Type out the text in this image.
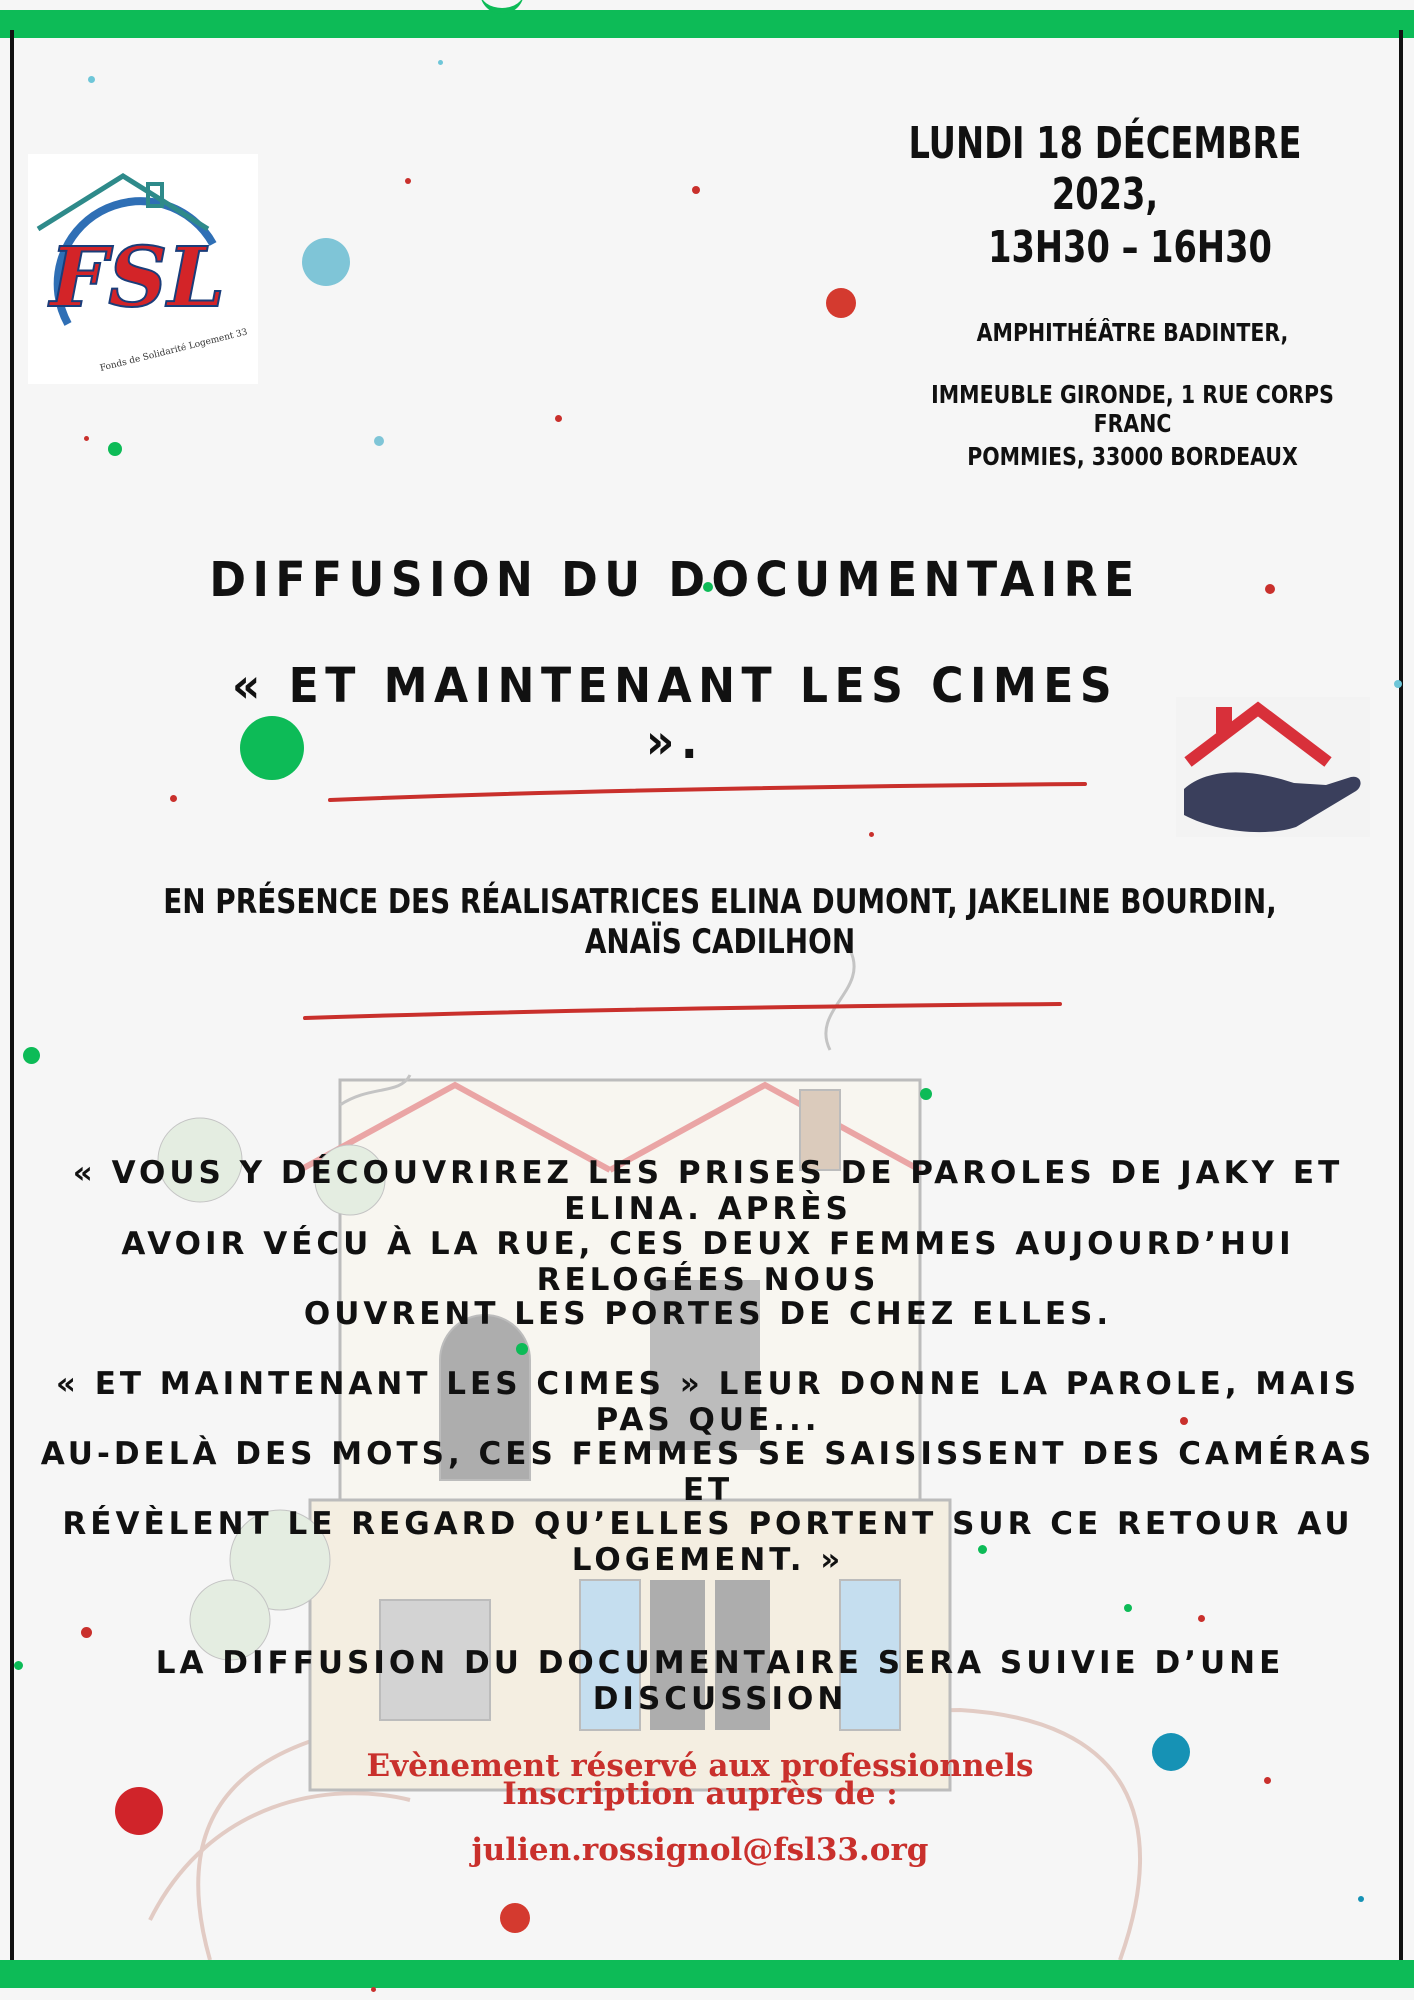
FSL
Fonds de Solidarité Logement 33
LUNDI 18 DÉCEMBRE 2023,
13H30 – 16H30
AMPHITHÉÂTRE BADINTER,
IMMEUBLE GIRONDE, 1 RUE CORPS FRANC
POMMIES, 33000 BORDEAUX
DIFFUSION DU DOCUMENTAIRE
« ET MAINTENANT LES CIMES ».
EN PRÉSENCE DES RÉALISATRICES ELINA DUMONT, JAKELINE BOURDIN, ANAÏS CADILHON
« VOUS Y DÉCOUVRIREZ LES PRISES DE PAROLES DE JAKY ET ELINA. APRÈS
AVOIR VÉCU À LA RUE, CES DEUX FEMMES AUJOURD’HUI RELOGÉES NOUS
OUVRENT LES PORTES DE CHEZ ELLES.
« ET MAINTENANT LES CIMES » LEUR DONNE LA PAROLE, MAIS PAS QUE...
AU-DELÀ DES MOTS, CES FEMMES SE SAISISSENT DES CAMÉRAS ET
RÉVÈLENT LE REGARD QU’ELLES PORTENT SUR CE RETOUR AU LOGEMENT. »
LA DIFFUSION DU DOCUMENTAIRE SERA SUIVIE D’UNE DISCUSSION
Evènement réservé aux professionnels
Inscription auprès de :
julien.rossignol@fsl33.org
